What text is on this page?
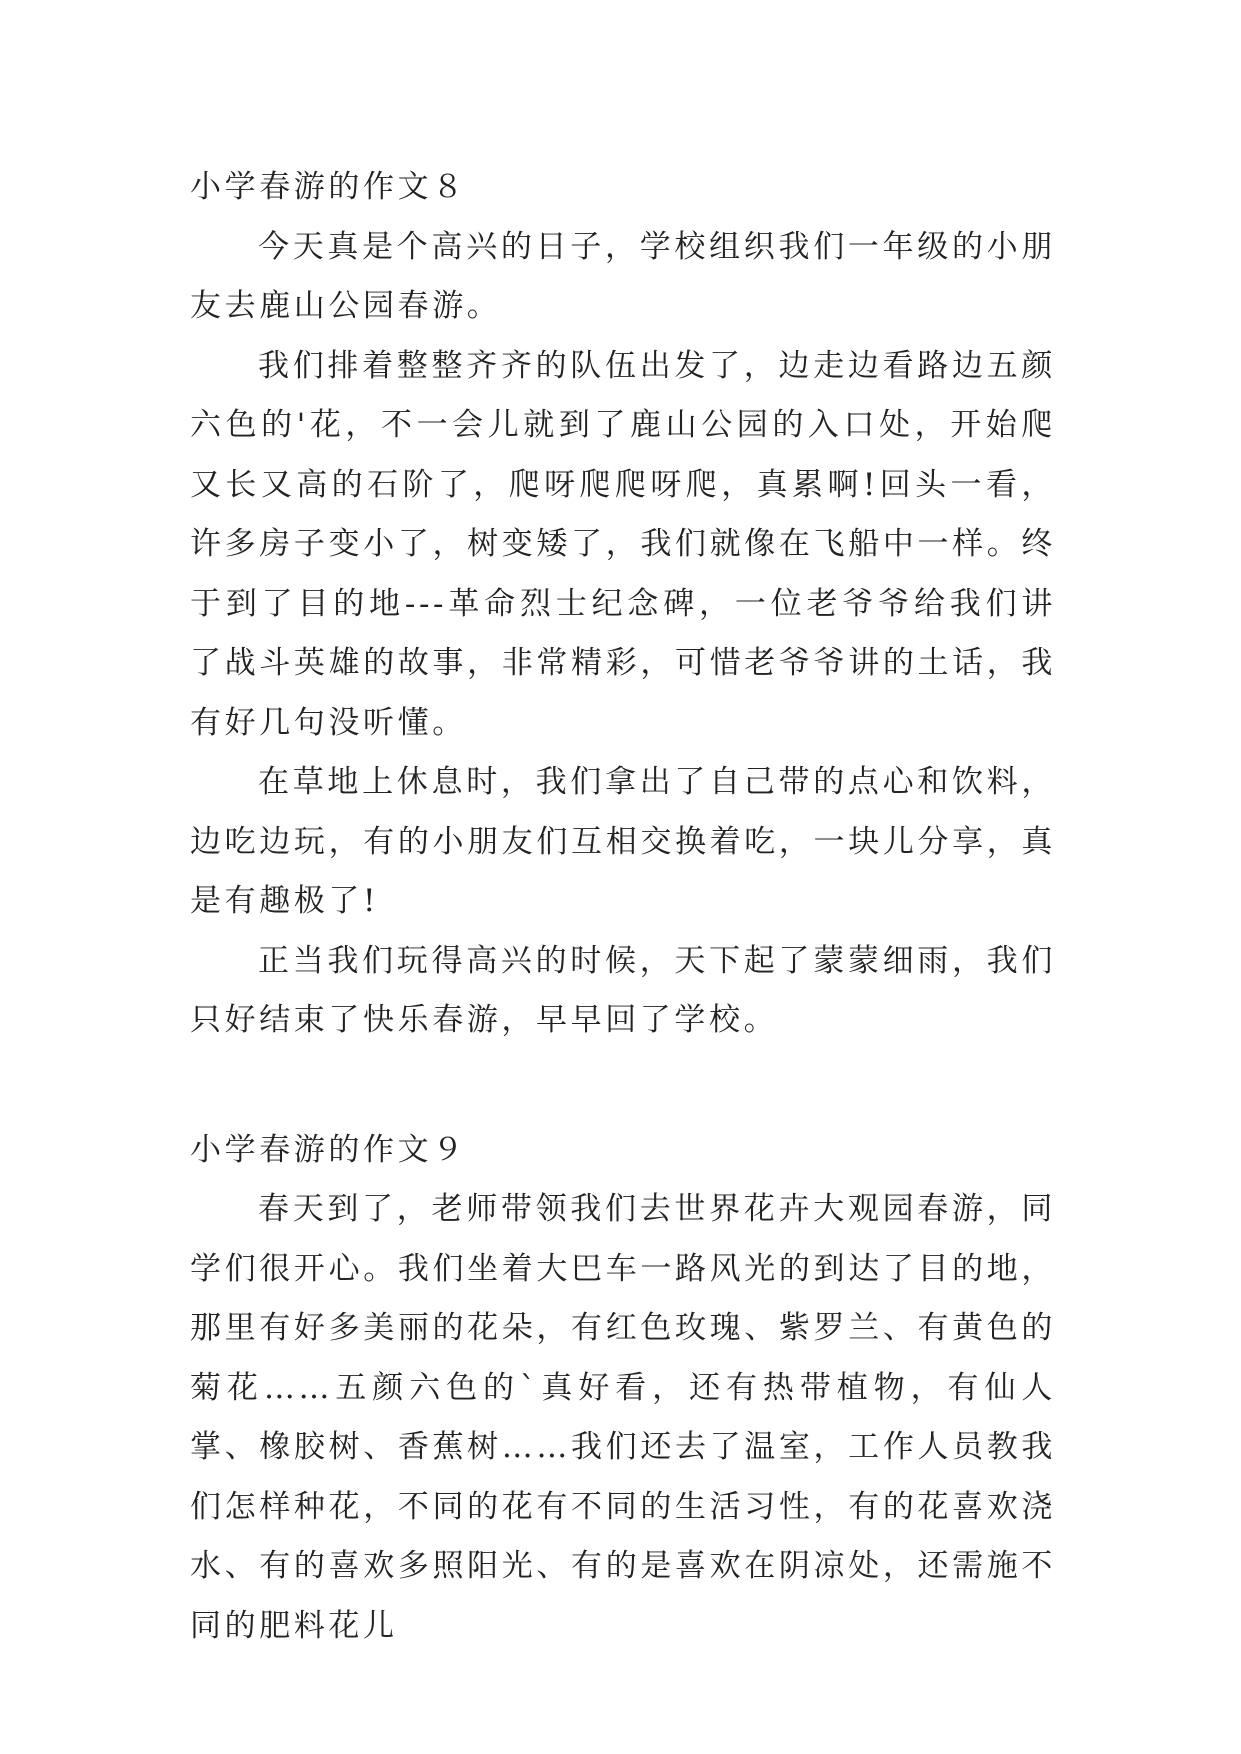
小学春游的作文８

今天真是个高兴的日子，学校组织我们一年级的小朋友去鹿山公园春游。

我们排着整整齐齐的队伍出发了，边走边看路边五颜六色的'花，不一会儿就到了鹿山公园的入口处，开始爬又长又高的石阶了，爬呀爬爬呀爬，真累啊!回头一看，许多房子变小了，树变矮了，我们就像在飞船中一样。终于到了目的地---革命烈士纪念碑，一位老爷爷给我们讲了战斗英雄的故事，非常精彩，可惜老爷爷讲的土话，我有好几句没听懂。

在草地上休息时，我们拿出了自己带的点心和饮料，边吃边玩，有的小朋友们互相交换着吃，一块儿分享，真是有趣极了!

正当我们玩得高兴的时候，天下起了蒙蒙细雨，我们只好结束了快乐春游，早早回了学校。

小学春游的作文９

春天到了，老师带领我们去世界花卉大观园春游，同学们很开心。我们坐着大巴车一路风光的到达了目的地，那里有好多美丽的花朵，有红色玫瑰、紫罗兰、有黄色的菊花……五颜六色的`真好看，还有热带植物，有仙人掌、橡胶树、香蕉树……我们还去了温室，工作人员教我们怎样种花，不同的花有不同的生活习性，有的花喜欢浇水、有的喜欢多照阳光、有的是喜欢在阴凉处，还需施不同的肥料花儿
